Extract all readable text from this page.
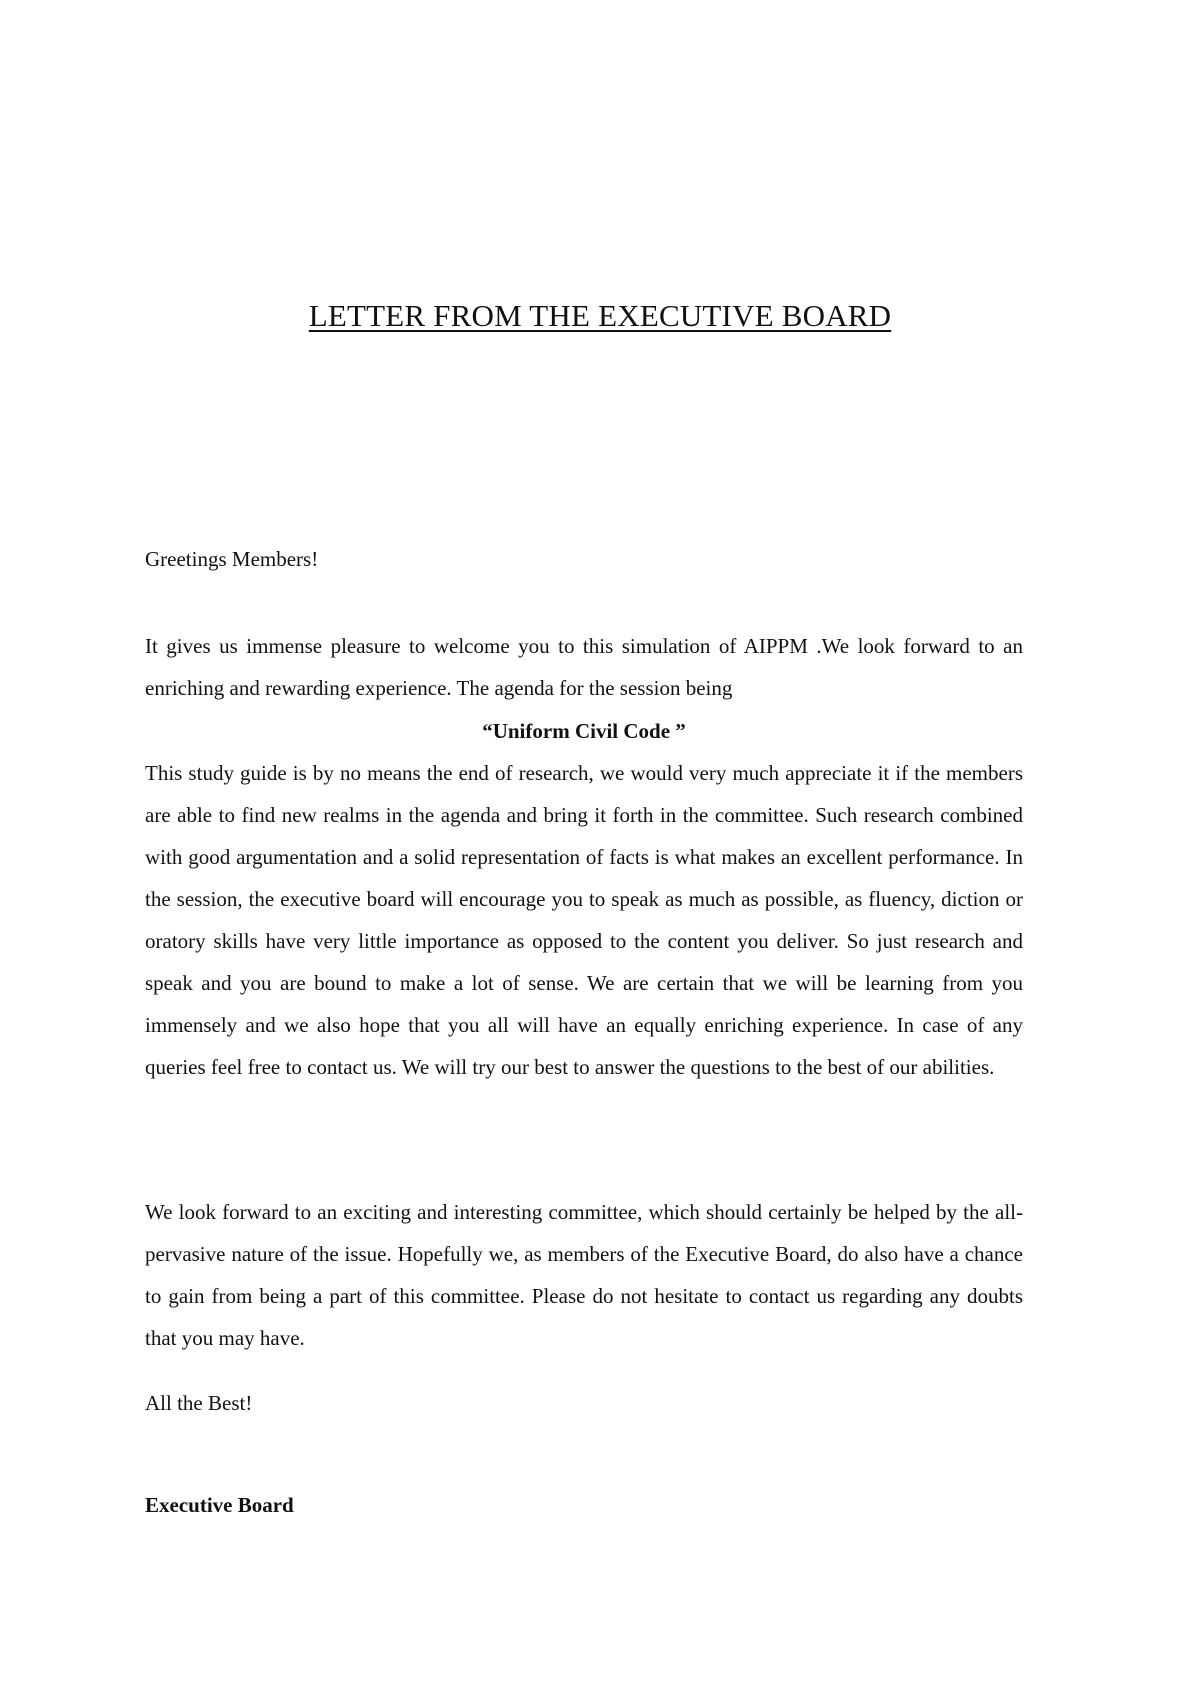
LETTER FROM THE EXECUTIVE BOARD

Greetings Members!

It gives us immense pleasure to welcome you to this simulation of AIPPM .We look forward to an enriching and rewarding experience. The agenda for the session being

“Uniform Civil Code ”

This study guide is by no means the end of research, we would very much appreciate it if the members are able to find new realms in the agenda and bring it forth in the committee. Such research combined with good argumentation and a solid representation of facts is what makes an excellent performance. In the session, the executive board will encourage you to speak as much as possible, as fluency, diction or oratory skills have very little importance as opposed to the content you deliver. So just research and speak and you are bound to make a lot of sense. We are certain that we will be learning from you immensely and we also hope that you all will have an equally enriching experience. In case of any queries feel free to contact us. We will try our best to answer the questions to the best of our abilities.

We look forward to an exciting and interesting committee, which should certainly be helped by the all-pervasive nature of the issue. Hopefully we, as members of the Executive Board, do also have a chance to gain from being a part of this committee. Please do not hesitate to contact us regarding any doubts that you may have.

All the Best!

Executive Board
